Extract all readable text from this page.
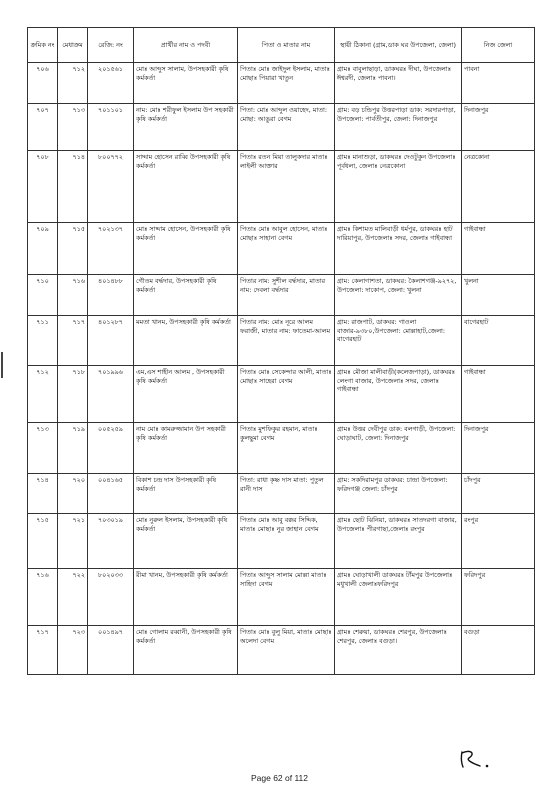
ক্রমিক নং	মেধাক্রম	রেজি: নং	প্রার্থীর নাম ও পদবী	পিতা ও মাতার নাম	স্থায়ী ঠিকানা (গ্রাম,ডাক ঘর উপজেলা, জেলা)	নিজ জেলা
৭০৬	৭১২	২০১৫৬১	মোঃ আব্দুস সালাম, উপসহকারী কৃষি কর্মকর্তা	পিতাঃ মোঃ জাইদুল ইসলাম, মাতাঃ মোছাঃ পিয়ারা খাতুন	গ্রামঃ বাবুলাছাড়া, ডাকঘরঃ দীঘা, উপজেলাঃ ঈশ্বরদী, জেলাঃ পাবনা।	পাবনা
৭০৭	৭১৩	৭০১১০১	নাম: মোঃ শরীফুল ইসলাম উপ সহকারী কৃষি কর্মকর্তা	পিতা: মোঃ আব্দুল ওয়াহেদ, মাতা: মোছা: আঙুরা বেগম	গ্রাম: বড় চন্ডিপুর উত্তরপাড়া ডাক: সরদারপাড়া, উপজেলা: পার্বতীপুর, জেলা: দিনাজপুর	দিনাজপুর
৭০৮	৭১৪	৮০০৭৭২	সাদ্দাম হোসেন রাব্বি উপসহকারী কৃষি কর্মকর্তা	পিতাঃ রতন মিয়া তালুকদার মাতাঃ লাইলী আক্তার	গ্রামঃ মানাশুড়া, ডাকঘরঃ দেওটুকুন উপজেলাঃ পূর্বধলা, জেলাঃ নেত্রকোনা	নেত্রকোনা
৭০৯	৭১৫	৭০২১৩৭	মোঃ সাদ্দাম হোসেন, উপসহকারী কৃষি কর্মকর্তা	পিতাঃ মোঃ আবুল হোসেন, মাতাঃ মোছাঃ সাহানা বেগম	গ্রামঃ কিশামত মালিবাড়ী ধর্মপুর, ডাকঘরঃ হাট দারিয়াপুর, উপজেলাঃ সদর, জেলাঃ গাইবান্ধা	গাইবান্ধা
৭১০	৭১৬	৪০১৪৮৮	গৌতম বর্দ্ধদার, উপসহকারী কৃষি কর্মকর্তা	পিতার নাম: সুশীল বর্দ্ধদার, মাতার নাম: দেবলা বর্দ্ধদার	গ্রাম: কেলাগাশতা, ডাকঘর: কৈলাশগঞ্জ-৯২৭২, উপজেলা: দাকোপ, জেলা: খুলনা	খুলনা
৭১১	৭১৭	৪০১২৮৭	মমতা খানম, উপসহকারী কৃষি কর্মকর্তা	পিতার নাম: মোঃ নূরে আলম ফরাজী, মাতার নাম: ফাতেমা-আলম	গ্রাম: রাজপাট, ডাকঘর: গাওলা বাজার-৯৩৮০,উপজেলা: মোল্লাহাট,জেলা: বাগেরহাট	বাগেরহাট
৭১২	৭১৮	৭০১৯৯৬	এম,এস শাহীন আলম , উপসহকারী কৃষি কর্মকর্তা	পিতাঃ মোঃ সেকেন্দার আলী, মাতাঃ মোছাঃ সাহেরা বেগম	গ্রামঃ মৌজা মালীবাড়ী(কলেজপাড়া), ডাকঘরঃ লেংগা বাজার, উপজেলাঃ সদর, জেলাঃ গাইবান্ধা	গাইবান্ধা
৭১৩	৭১৯	০০৫২৫৯	নাম মোঃ কামরুজ্জামান উপ সহকারী কৃষি কর্মকর্তা	পিতাঃ মুশফিকুর রহমান, মাতাঃ কুলছুমা বেগম	গ্রামঃ উত্তর দেবীপুর ডাক: বলগাড়ী, উপজেলা: ঘোড়াঘাট, জেলা: দিনাজপুর	দিনাজপুর
৭১৪	৭২০	০০৪১৬৫	বিকাশ চন্দ্র দাস উপসহকারী কৃষি কর্মকর্তা	পিতা: রাধা কৃষ্ণ দাস মাতা: পুতুল রানী দাস	গ্রাম: সকদিরামপুর ডাকঘর: চান্দ্রা উপজেলা: ফরিদগঞ্জ জেলা: চাঁদপুর	চাঁদপুর
৭১৫	৭২১	৭০৩০১৯	মোঃ নুরুল ইসলাম, উপসহকারী কৃষি কর্মকর্তা	পিতাঃ মোঃ আবু বক্কর সিদ্দিক, মাতাঃ মোছাঃ নুর জাহান বেগম	গ্রামঃ ছোট ঝিনিয়া, ডাকঘরঃ সাতদরগা বাজার, উপজেলাঃ পীরগাছা,জেলাঃ রংপুর	রংপুর
৭১৬	৭২২	৮০২০৩৩	রীমা খানম, উপসহকারী কৃষি কর্মকর্তা	পিতাঃ আব্দুস সালাম মোল্লা মাতাঃ সাহিদা বেগম	গ্রামঃ ঘোড়াখালী ডাকঘরঃ টাঁমপুর উপজেলাঃ মধুখালী জেলাঃফরিদপুর	ফরিদপুর
৭১৭	৭২৩	০০১৪৯৭	মোঃ গোলাম রব্বানী, উপসহকারী কৃষি কর্মকর্তা	পিতাঃ মোঃ বুলু মিয়া, মাতাঃ মোছাঃ অলেদা বেগম	গ্রামঃ শেরুয়া, ডাকঘরঃ শেরপুর, উপজেলাঃ শেরপুর, জেলাঃ বগুড়া।	বগুড়া
Page 62 of 112
